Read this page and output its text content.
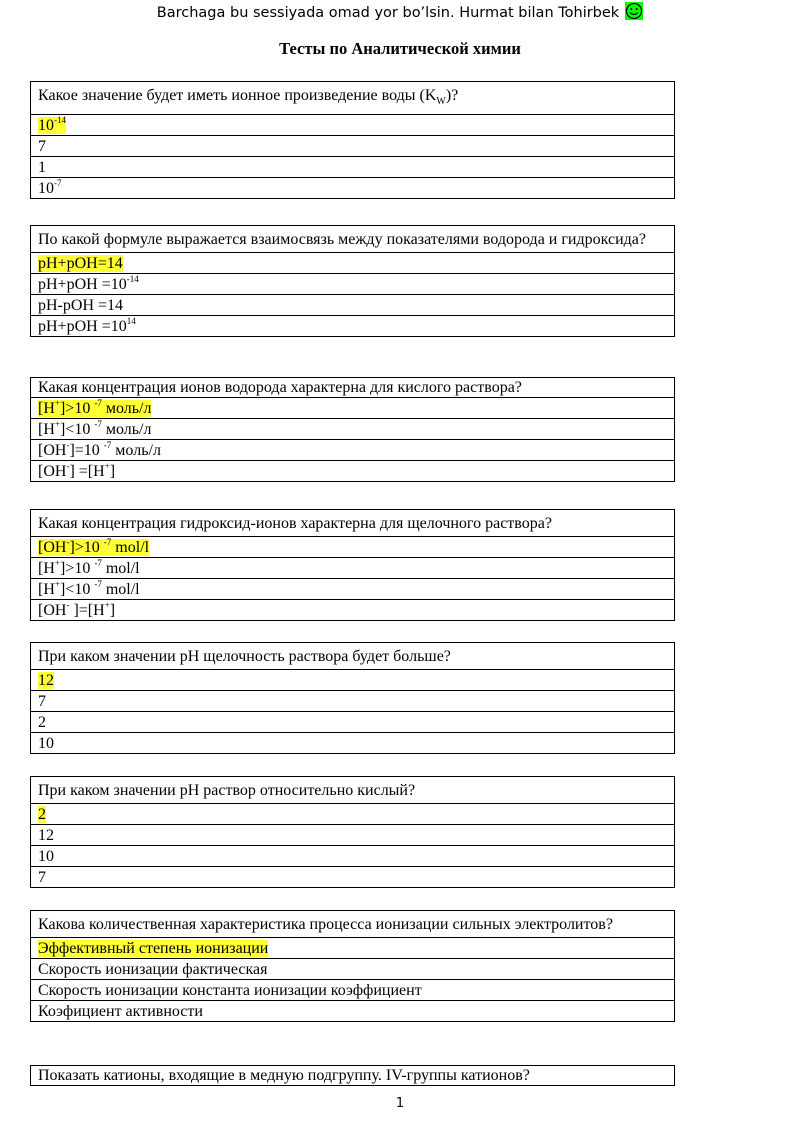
Barchaga bu sessiyada omad yor bo’lsin. Hurmat bilan Tohirbek
Тесты по Аналитической химии
Какое значение будет иметь ионное произведение воды $(K_W)$?
$10^{-14}$
7
1
$10^{-7}$
По какой формуле выражается взаимосвязь между показателями водорода и гидроксида?
pH+pOH=14
$pH+pOH =10^{-14}$
pH-pOH =14
$pH+pOH =10^{14}$
Какая концентрация ионов водорода характерна для кислого раствора?
[H+]>10 $^{-7}$ моль/л
[H+]<10 $^{-7}$ моль/л
[OH-]=10 $^{-7}$ моль/л
[OH-] =[H+]
Какая концентрация гидроксид-ионов характерна для щелочного раствора?
[OH-]>10 $^{-7}$ mol/l
[H+]>10 $^{-7}$ mol/l
[H+]<10 $^{-7}$ mol/l
[OH- ]=[H+]
При каком значении pH щелочность раствора будет больше?
12
7
2
10
При каком значении pH раствор относительно кислый?
2
12
10
7
Какова количественная характеристика процесса ионизации сильных электролитов?
Эффективный степень ионизации
Скорость ионизации фактическая
Скорость ионизации константа ионизации коэффициент
Коэфициент активности
Показать катионы, входящие в медную подгруппу. IV-группы катионов?
1
